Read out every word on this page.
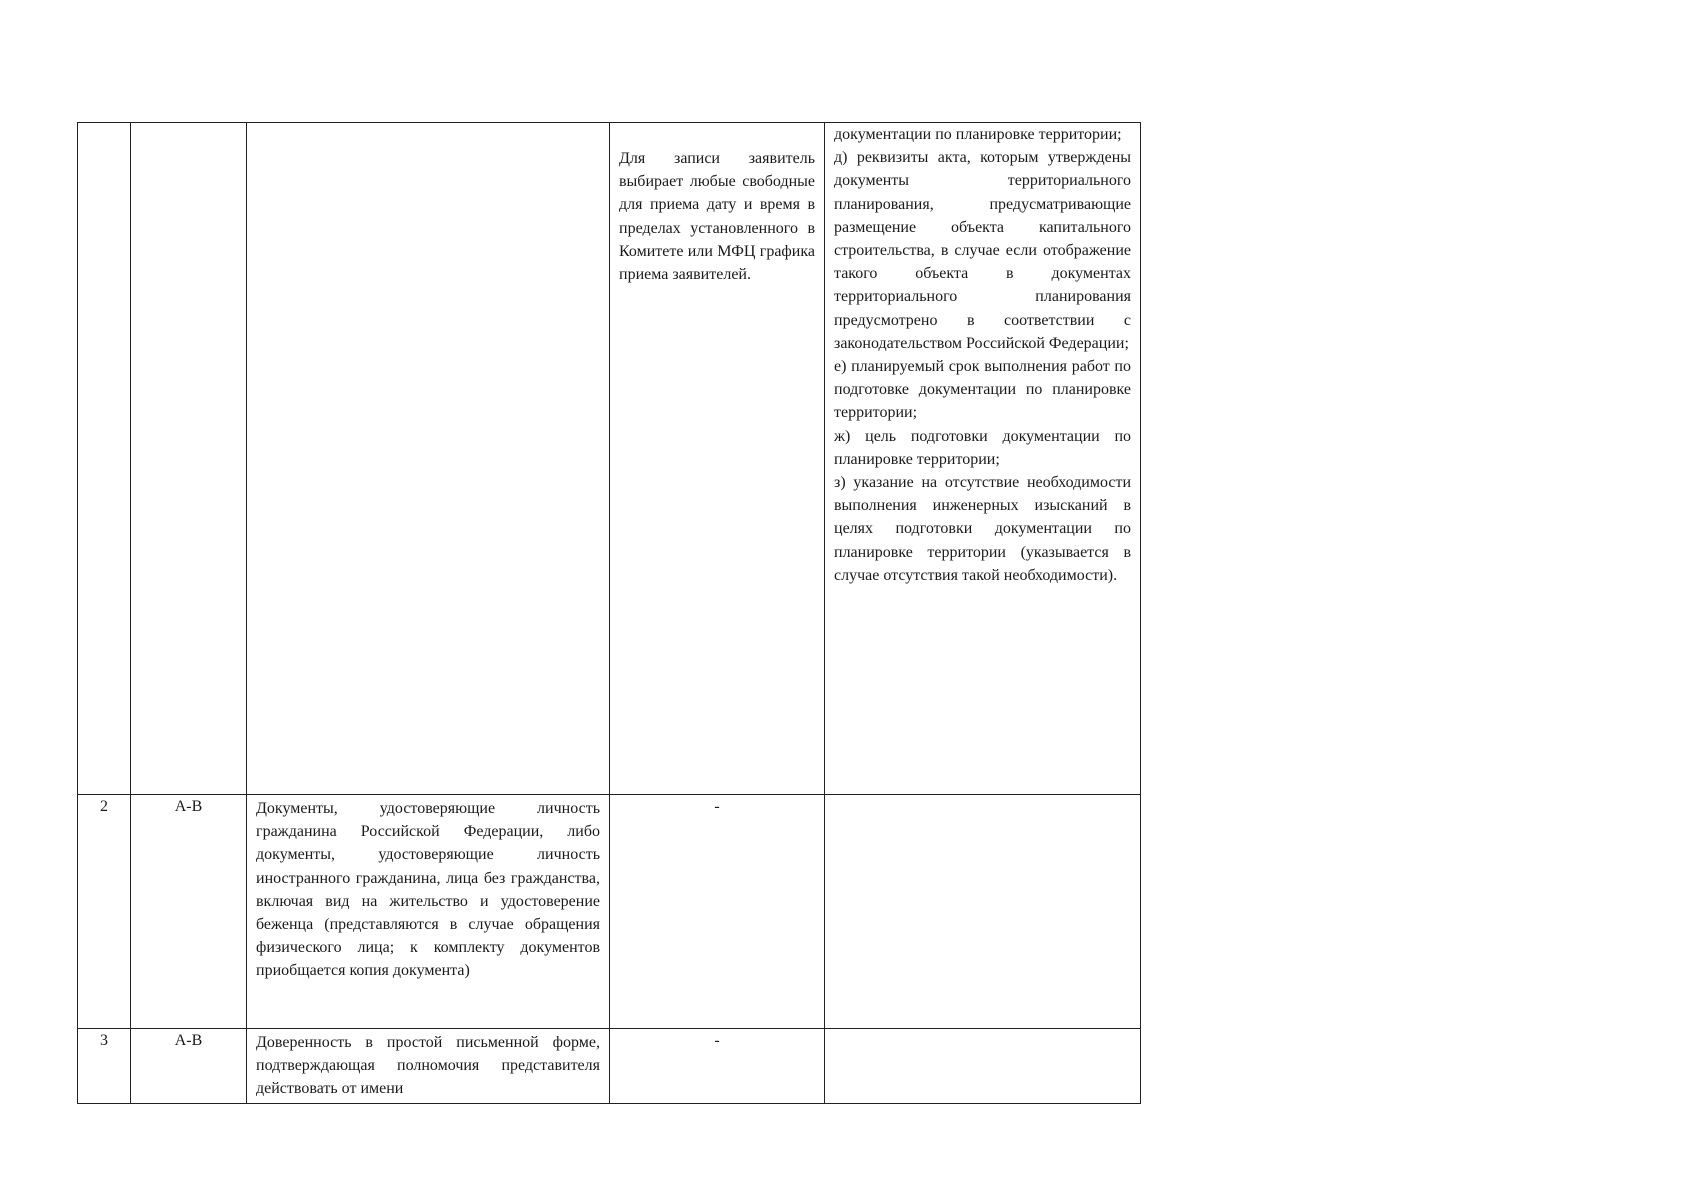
			Для записи заявитель выбирает любые свободные для приема дату и время в пределах установленного в Комитете или МФЦ графика приема заявителей.	документации по планировке территории;
д) реквизиты акта, которым утверждены документы территориального планирования, предусматривающие размещение объекта капитального строительства, в случае если отображение такого объекта в документах территориального планирования предусмотрено в соответствии с законодательством Российской Федерации;
е) планируемый срок выполнения работ по подготовке документации по планировке территории;
ж) цель подготовки документации по планировке территории;
з) указание на отсутствие необходимости выполнения инженерных изысканий в целях подготовки документации по планировке территории (указывается в случае отсутствия такой необходимости).

2	А-В	Документы, удостоверяющие личность гражданина Российской Федерации, либо документы, удостоверяющие личность иностранного гражданина, лица без гражданства, включая вид на жительство и удостоверение беженца (представляются в случае обращения физического лица; к комплекту документов приобщается копия документа)	-	

3	А-В	Доверенность в простой письменной форме, подтверждающая полномочия представителя действовать от имени	-	
